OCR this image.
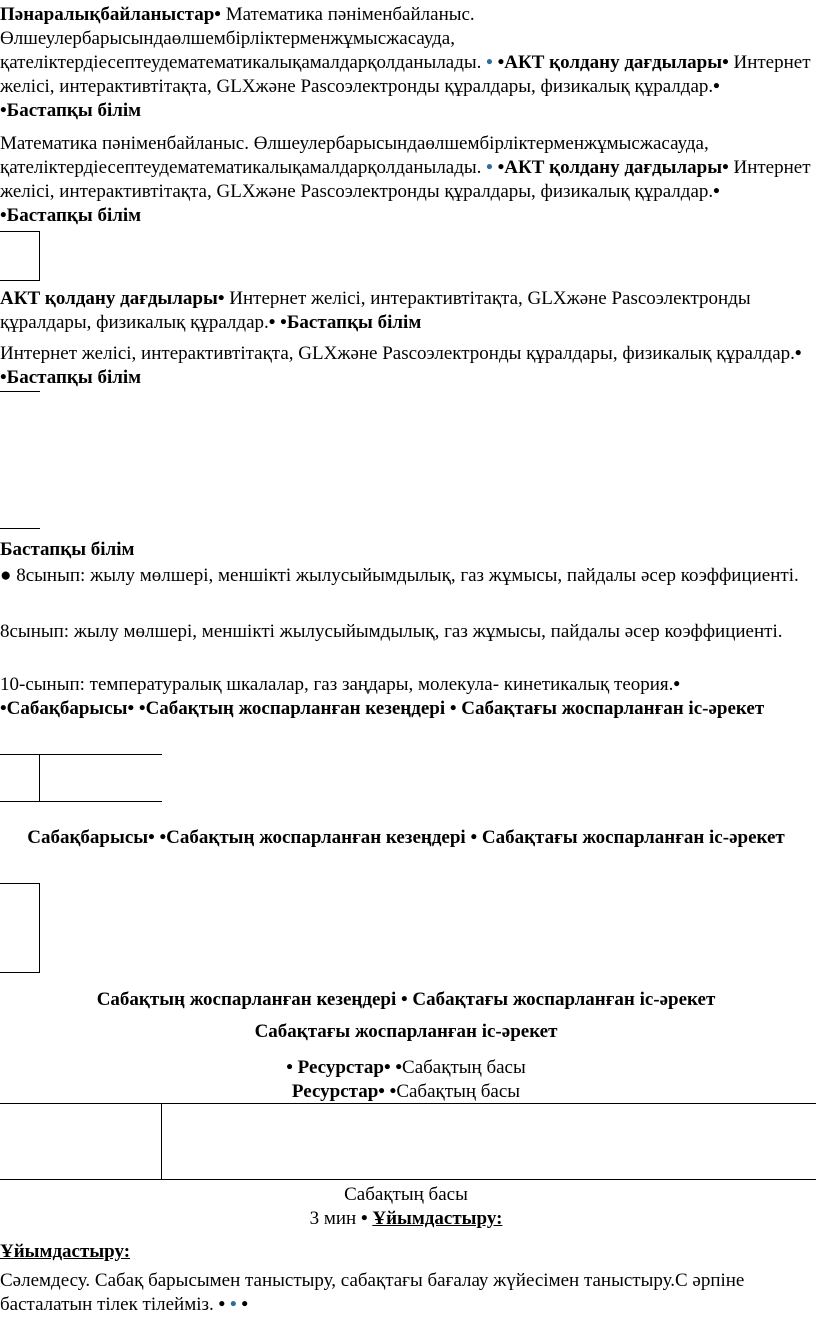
Пәнаралықбайланыстар• Математика пәніменбайланыс. Өлшеулербарысындаөлшембірліктерменжұмысжасауда, қателіктердіесептеудематематикалықамалдарқолданылады. • •АКТ қолдану дағдылары• Интернет желісі, интерактивтітақта, GLXжәне Pascoэлектронды құралдары, физикалық құралдар.• •Бастапқы білім
Математика пәніменбайланыс. Өлшеулербарысындаөлшембірліктерменжұмысжасауда, қателіктердіесептеудематематикалықамалдарқолданылады. • •АКТ қолдану дағдылары• Интернет желісі, интерактивтітақта, GLXжәне Pascoэлектронды құралдары, физикалық құралдар.• •Бастапқы білім
АКТ қолдану дағдылары• Интернет желісі, интерактивтітақта, GLXжәне Pascoэлектронды құралдары, физикалық құралдар.• •Бастапқы білім
Интернет желісі, интерактивтітақта, GLXжәне Pascoэлектронды құралдары, физикалық құралдар.• •Бастапқы білім
Бастапқы білім
● 8сынып: жылу мөлшері, меншікті жылусыйымдылық, газ жұмысы, пайдалы әсер коэффициенті.
8сынып: жылу мөлшері, меншікті жылусыйымдылық, газ жұмысы, пайдалы әсер коэффициенті.
10-сынып: температуралық шкалалар, газ заңдары, молекула- кинетикалық теория.• •Сабақбарысы• •Сабақтың жоспарланған кезеңдері • Сабақтағы жоспарланған іс-әрекет
Сабақбарысы• •Сабақтың жоспарланған кезеңдері • Сабақтағы жоспарланған іс-әрекет
Сабақтың жоспарланған кезеңдері • Сабақтағы жоспарланған іс-әрекет
Сабақтағы жоспарланған іс-әрекет
• Ресурстар• •Сабақтың басы
Ресурстар• •Сабақтың басы
Сабақтың басы
3 мин • Ұйымдастыру:
Ұйымдастыру:
Сәлемдесу. Сабақ барысымен таныстыру, сабақтағы бағалау жүйесімен таныстыру.С әрпіне басталатын тілек тілейміз. • • •
